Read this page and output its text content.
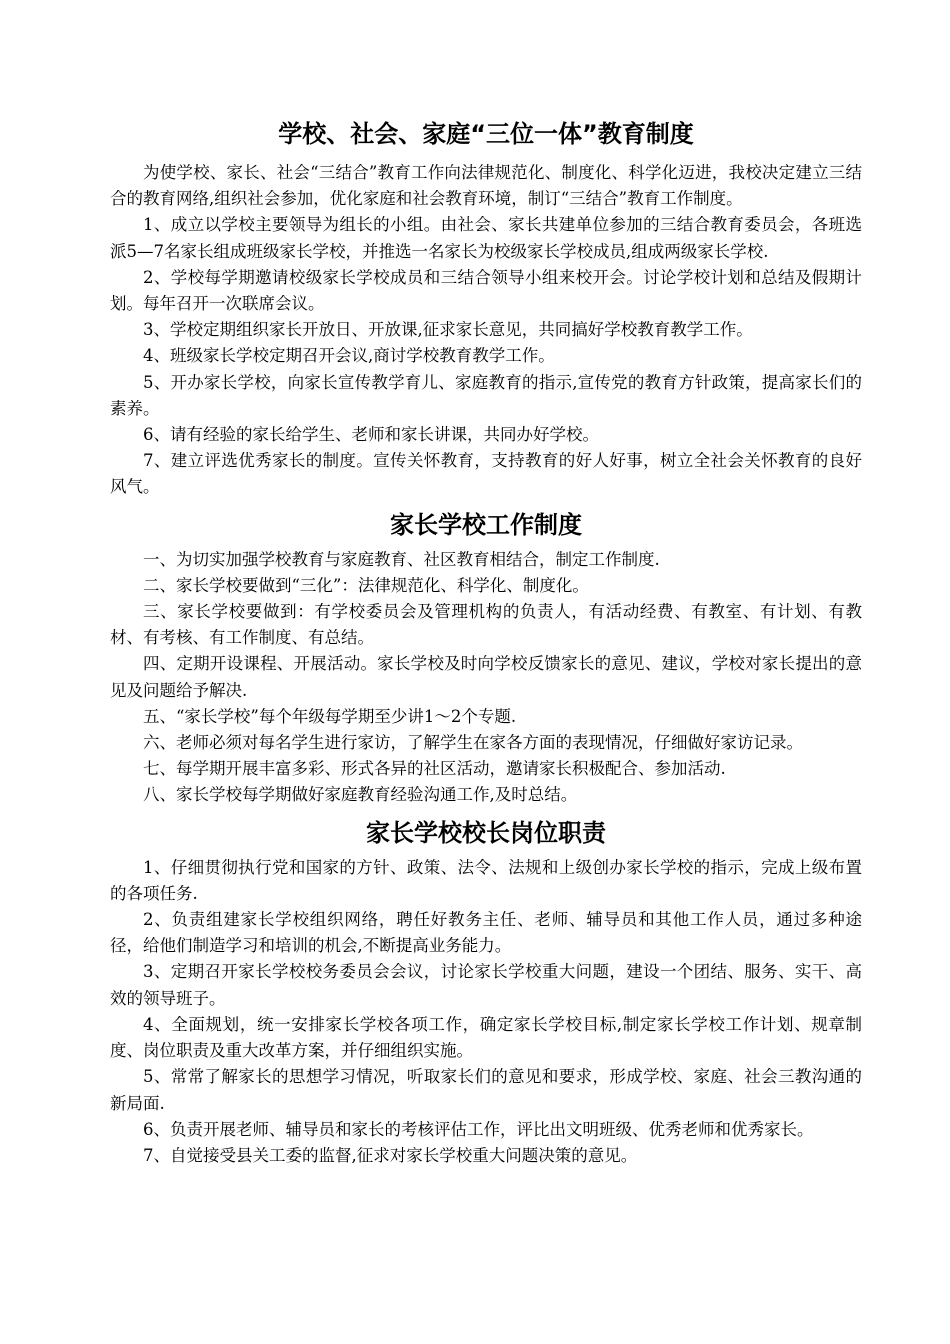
学校、社会、家庭“三位一体”教育制度

为使学校、家长、社会“三结合”教育工作向法律规范化、制度化、科学化迈进，我校决定建立三结合的教育网络,组织社会参加，优化家庭和社会教育环境，制订“三结合”教育工作制度。

1、成立以学校主要领导为组长的小组。由社会、家长共建单位参加的三结合教育委员会，各班选派5—7名家长组成班级家长学校，并推选一名家长为校级家长学校成员,组成两级家长学校.

2、学校每学期邀请校级家长学校成员和三结合领导小组来校开会。讨论学校计划和总结及假期计划。每年召开一次联席会议。

3、学校定期组织家长开放日、开放课,征求家长意见，共同搞好学校教育教学工作。

4、班级家长学校定期召开会议,商讨学校教育教学工作。

5、开办家长学校，向家长宣传教学育儿、家庭教育的指示,宣传党的教育方针政策，提高家长们的素养。

6、请有经验的家长给学生、老师和家长讲课，共同办好学校。

7、建立评选优秀家长的制度。宣传关怀教育，支持教育的好人好事，树立全社会关怀教育的良好风气。

家长学校工作制度

一、为切实加强学校教育与家庭教育、社区教育相结合，制定工作制度.

二、家长学校要做到“三化”：法律规范化、科学化、制度化。

三、家长学校要做到：有学校委员会及管理机构的负责人，有活动经费、有教室、有计划、有教材、有考核、有工作制度、有总结。

四、定期开设课程、开展活动。家长学校及时向学校反馈家长的意见、建议，学校对家长提出的意见及问题给予解决.

五、“家长学校”每个年级每学期至少讲1～2个专题.

六、老师必须对每名学生进行家访，了解学生在家各方面的表现情况，仔细做好家访记录。

七、每学期开展丰富多彩、形式各异的社区活动，邀请家长积极配合、参加活动.

八、家长学校每学期做好家庭教育经验沟通工作,及时总结。

家长学校校长岗位职责

1、仔细贯彻执行党和国家的方针、政策、法令、法规和上级创办家长学校的指示，完成上级布置的各项任务.

2、负责组建家长学校组织网络，聘任好教务主任、老师、辅导员和其他工作人员，通过多种途径，给他们制造学习和培训的机会,不断提高业务能力。

3、定期召开家长学校校务委员会会议，讨论家长学校重大问题，建设一个团结、服务、实干、高效的领导班子。

4、全面规划，统一安排家长学校各项工作，确定家长学校目标,制定家长学校工作计划、规章制度、岗位职责及重大改革方案，并仔细组织实施。

5、常常了解家长的思想学习情况，听取家长们的意见和要求，形成学校、家庭、社会三教沟通的新局面.

6、负责开展老师、辅导员和家长的考核评估工作，评比出文明班级、优秀老师和优秀家长。

7、自觉接受县关工委的监督,征求对家长学校重大问题决策的意见。
